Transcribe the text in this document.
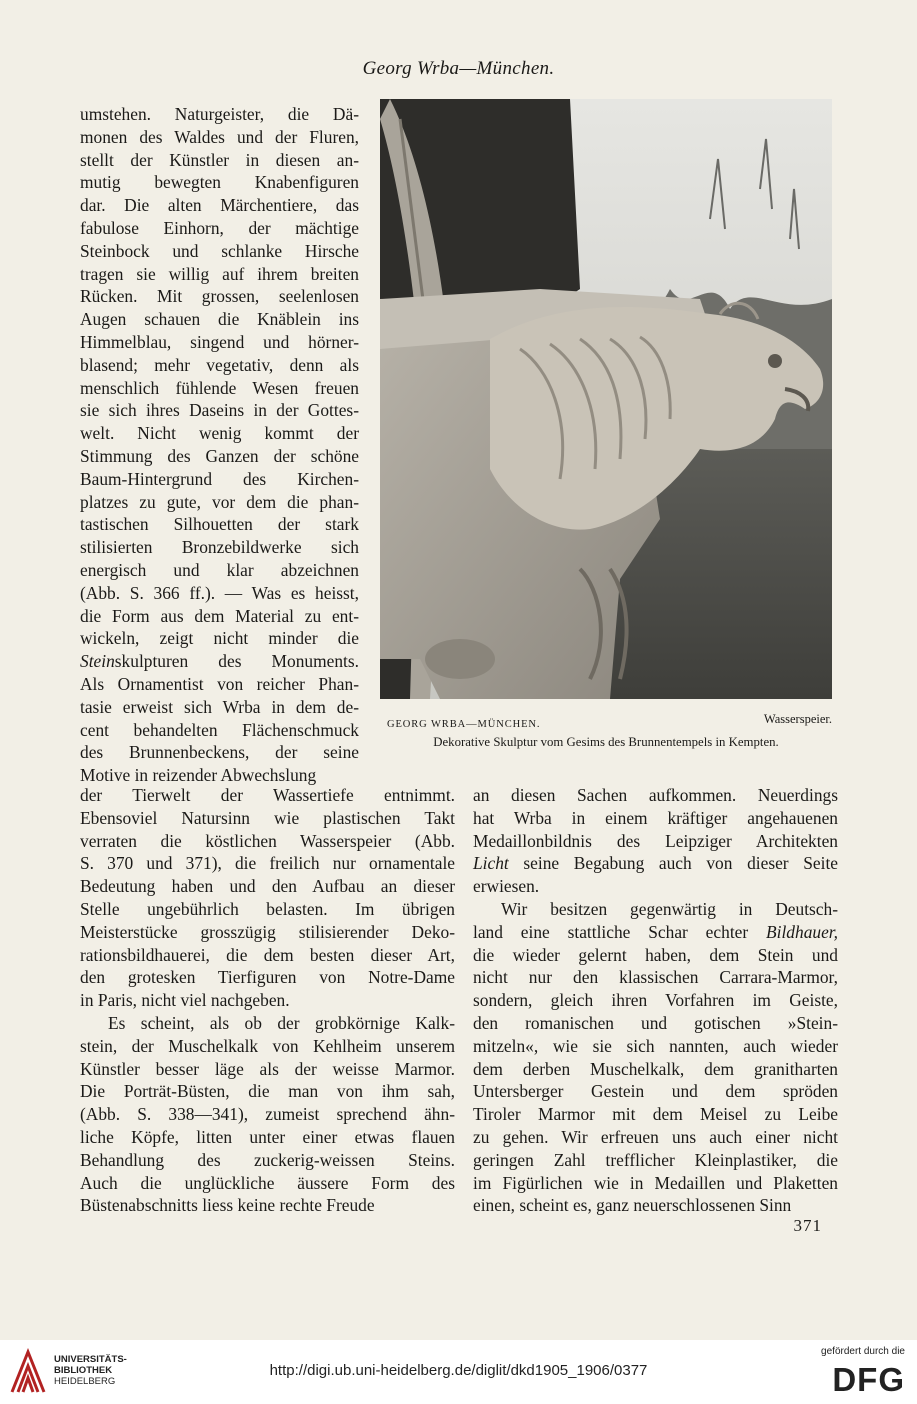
Georg Wrba—München.
umstehen. Naturgeister, die Dä-
monen des Waldes und der Fluren,
stellt der Künstler in diesen an-
mutig bewegten Knabenfiguren
dar. Die alten Märchentiere, das
fabulose Einhorn, der mächtige
Steinbock und schlanke Hirsche
tragen sie willig auf ihrem breiten
Rücken. Mit grossen, seelenlosen
Augen schauen die Knäblein ins
Himmelblau, singend und hörner-
blasend; mehr vegetativ, denn als
menschlich fühlende Wesen freuen
sie sich ihres Daseins in der Gottes-
welt. Nicht wenig kommt der
Stimmung des Ganzen der schöne
Baum-Hintergrund des Kirchen-
platzes zu gute, vor dem die phan-
tastischen Silhouetten der stark
stilisierten Bronzebildwerke sich
energisch und klar abzeichnen
(Abb. S. 366 ff.). — Was es heisst,
die Form aus dem Material zu ent-
wickeln, zeigt nicht minder die
Steinskulpturen des Monuments.
Als Ornamentist von reicher Phan-
tasie erweist sich Wrba in dem de-
cent behandelten Flächenschmuck
des Brunnenbeckens, der seine
Motive in reizender Abwechslung
GEORG WRBA—MÜNCHEN.	Wasserspeier.
Dekorative Skulptur vom Gesims des Brunnentempels in Kempten.
der Tierwelt der Wassertiefe entnimmt.
Ebensoviel Natursinn wie plastischen Takt
verraten die köstlichen Wasserspeier (Abb.
S. 370 und 371), die freilich nur ornamentale
Bedeutung haben und den Aufbau an dieser
Stelle ungebührlich belasten. Im übrigen
Meisterstücke grosszügig stilisierender Deko-
rationsbildhauerei, die dem besten dieser Art,
den grotesken Tierfiguren von Notre-Dame
in Paris, nicht viel nachgeben.
Es scheint, als ob der grobkörnige Kalk-
stein, der Muschelkalk von Kehlheim unserem
Künstler besser läge als der weisse Marmor.
Die Porträt-Büsten, die man von ihm sah,
(Abb. S. 338—341), zumeist sprechend ähn-
liche Köpfe, litten unter einer etwas flauen
Behandlung des zuckerig-weissen Steins.
Auch die unglückliche äussere Form des
Büstenabschnitts liess keine rechte Freude
an diesen Sachen aufkommen. Neuerdings
hat Wrba in einem kräftiger angehauenen
Medaillonbildnis des Leipziger Architekten
Licht seine Begabung auch von dieser Seite
erwiesen.
Wir besitzen gegenwärtig in Deutsch-
land eine stattliche Schar echter Bildhauer,
die wieder gelernt haben, dem Stein und
nicht nur den klassischen Carrara-Marmor,
sondern, gleich ihren Vorfahren im Geiste,
den romanischen und gotischen »Stein-
mitzeln«, wie sie sich nannten, auch wieder
dem derben Muschelkalk, dem granitharten
Untersberger Gestein und dem spröden
Tiroler Marmor mit dem Meisel zu Leibe
zu gehen. Wir erfreuen uns auch einer nicht
geringen Zahl trefflicher Kleinplastiker, die
im Figürlichen wie in Medaillen und Plaketten
einen, scheint es, ganz neuerschlossenen Sinn
371
UNIVERSITÄTS-
BIBLIOTHEK
HEIDELBERG
http://digi.ub.uni-heidelberg.de/diglit/dkd1905_1906/0377
gefördert durch die
DFG
